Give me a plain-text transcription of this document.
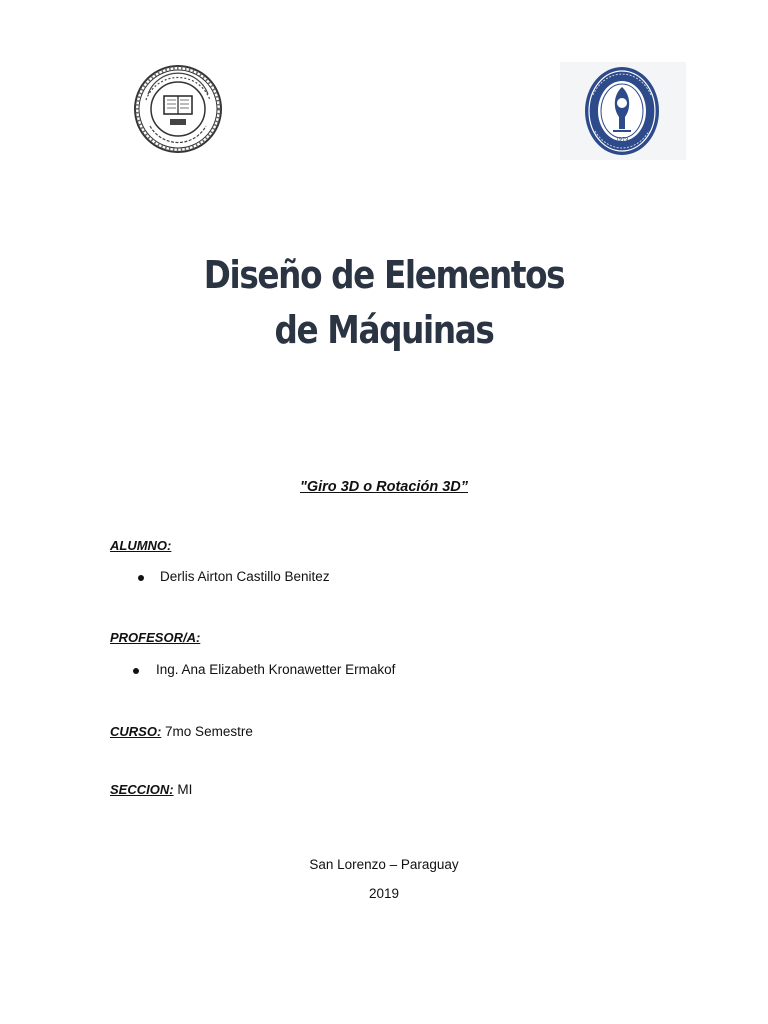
1979
Diseño de Elementos
de Máquinas
"Giro 3D o Rotación 3D”
ALUMNO:
Derlis Airton Castillo Benitez
PROFESOR/A:
Ing. Ana Elizabeth Kronawetter Ermakof
CURSO: 7mo Semestre
SECCION: MI
San Lorenzo – Paraguay
2019
